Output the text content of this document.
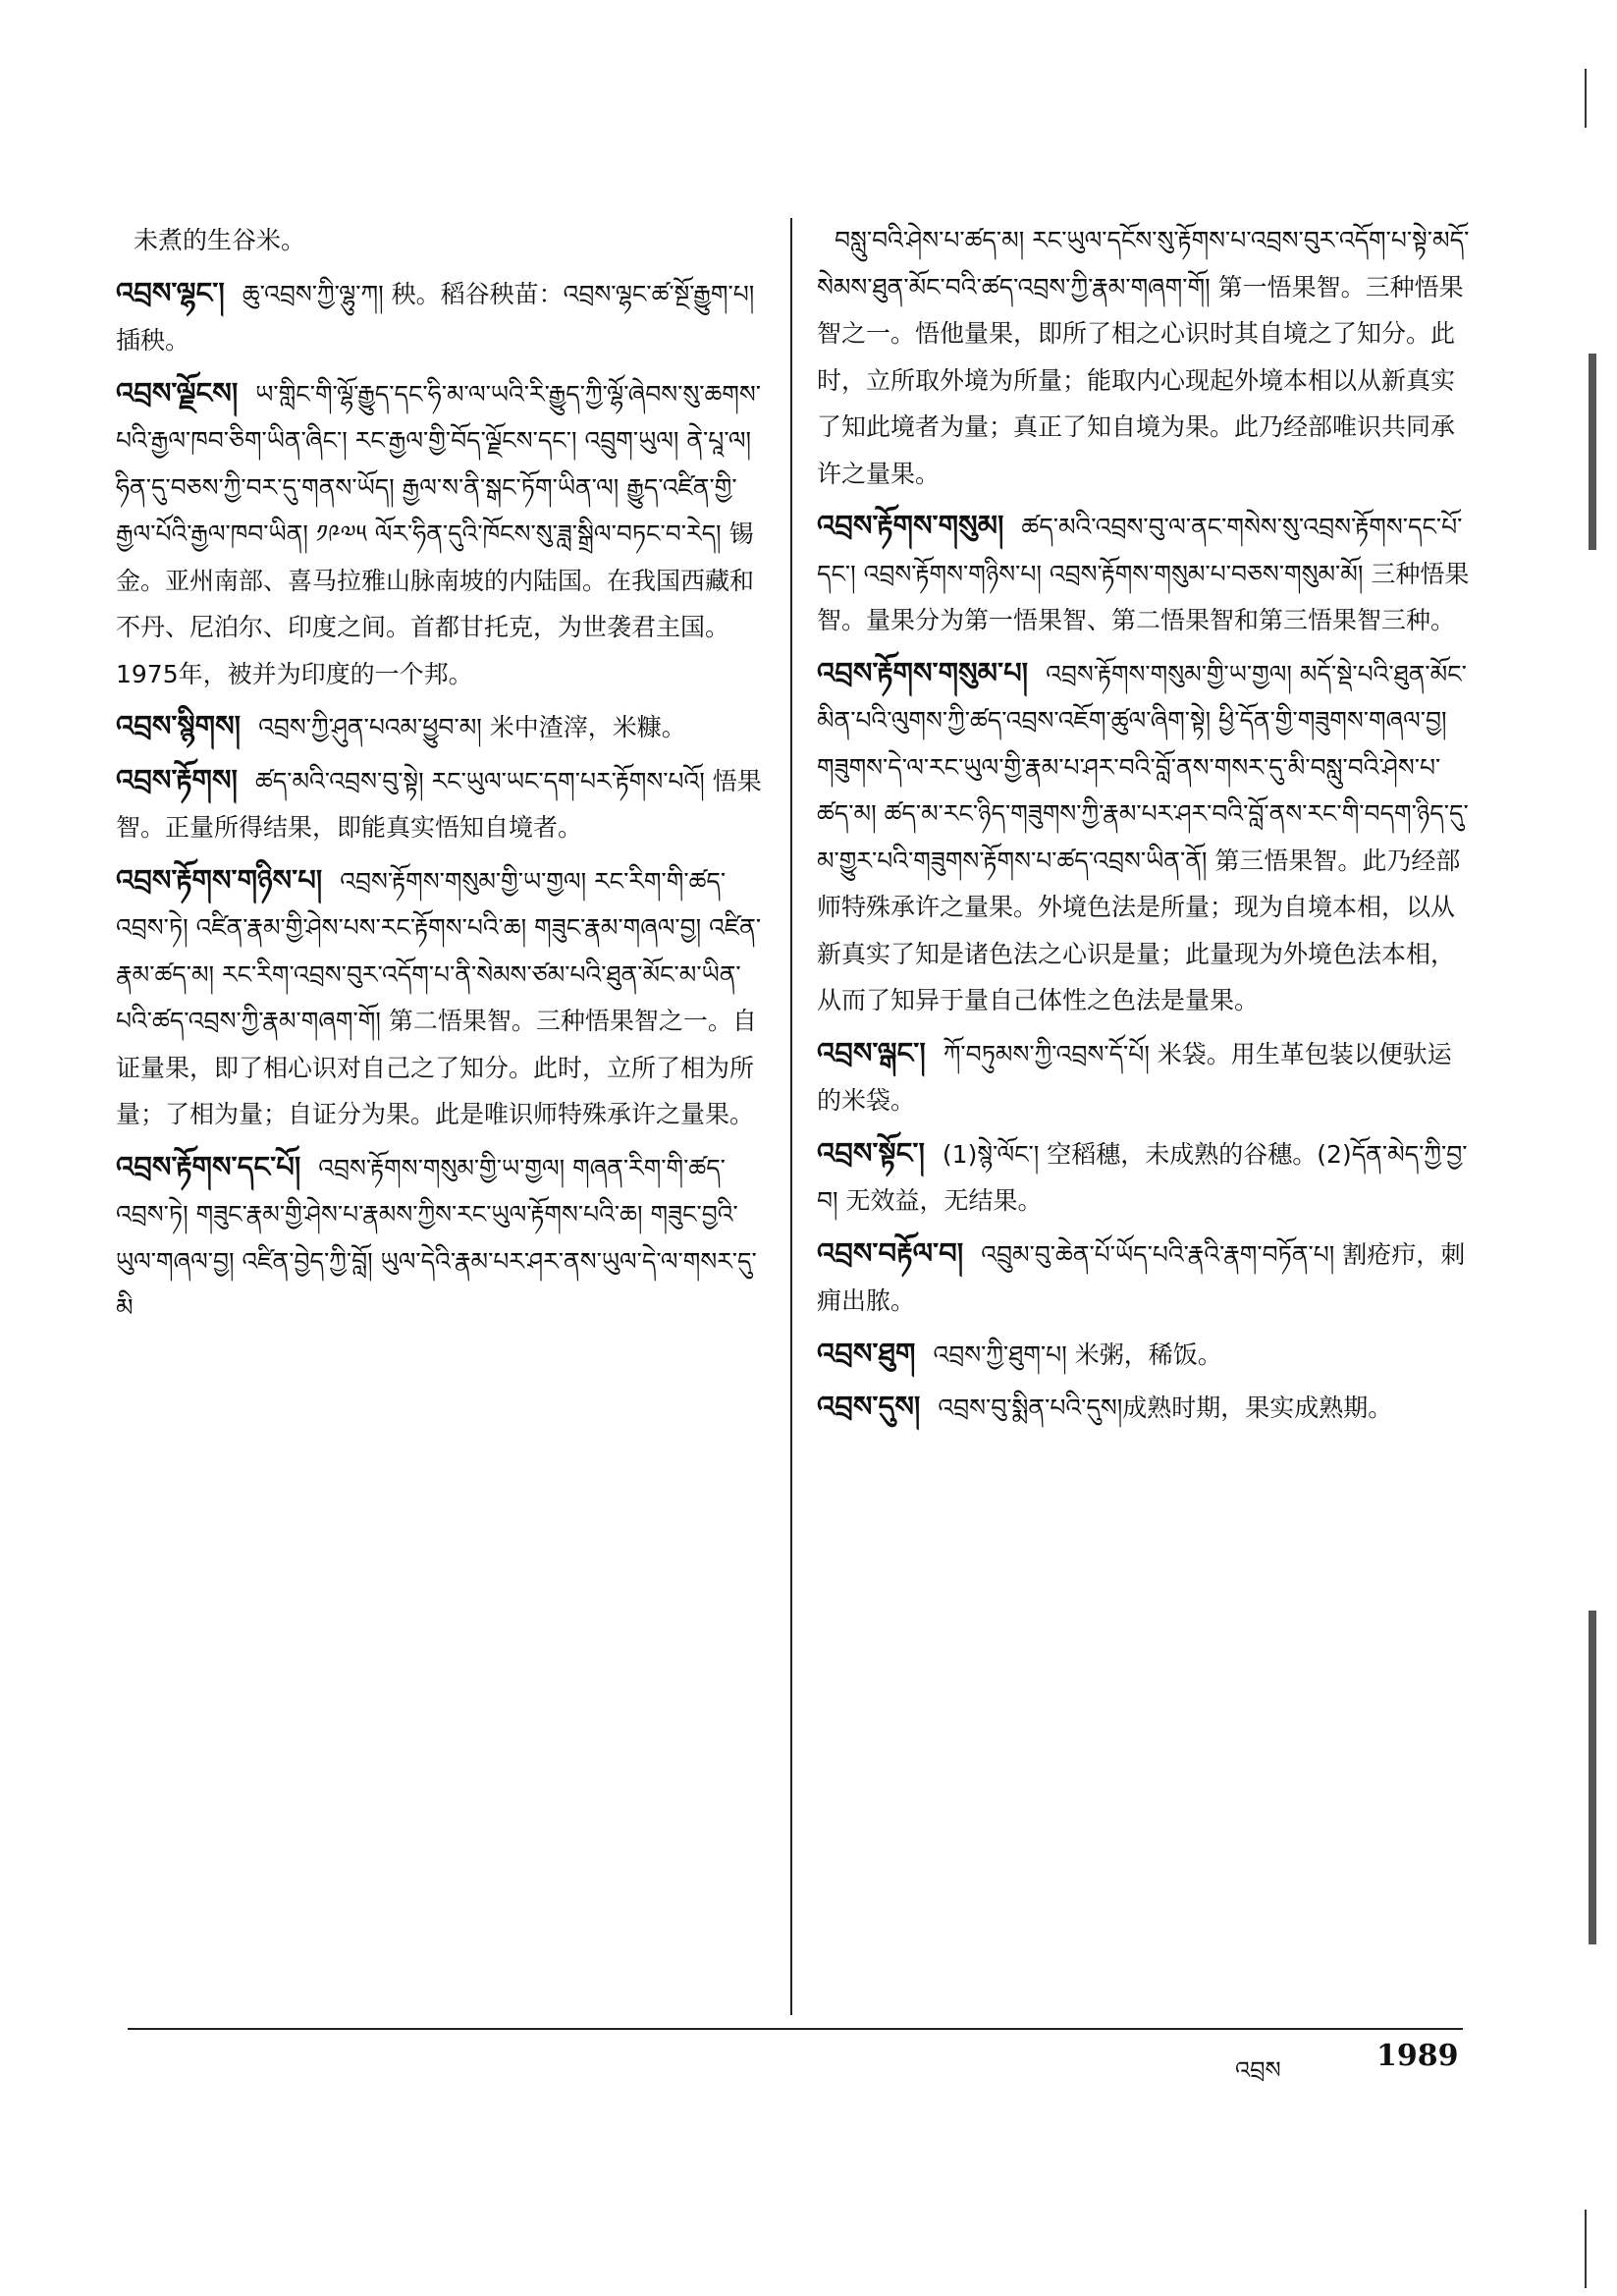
未煮的生谷米。
འབྲས་ལྷང་། ཆུ་འབྲས་ཀྱི་ལྷུ་ཀ། 秧。稻谷秧苗：འབྲས་ལྷང་ཚ་སྔོ་རྒྱུག་པ། 插秧。
འབྲས་ལྗོངས། ཡ་གླིང་གི་ལྷོ་རྒྱུད་དང་ཧི་མ་ལ་ཡའི་རི་རྒྱུད་ཀྱི་ལྷོ་ཞེབས་སུ་ཆགས་པའི་རྒྱལ་ཁབ་ཅིག་ཡིན་ཞིང་། རང་རྒྱལ་གྱི་བོད་ལྗོངས་དང་། འབྲུག་ཡུལ། ནེ་པཱ་ལ། ཧིན་དུ་བཅས་ཀྱི་བར་དུ་གནས་ཡོད། རྒྱལ་ས་ནི་སྒང་ཏོག་ཡིན་ལ། རྒྱུད་འཛིན་གྱི་རྒྱལ་པོའི་རྒྱལ་ཁབ་ཡིན། ༡༩༧༥ ལོར་ཧིན་དུའི་ཁོངས་སུ་ཟླ་སྒྲིལ་བཏང་བ་རེད། 锡金。亚州南部、喜马拉雅山脉南坡的内陆国。在我国西藏和不丹、尼泊尔、印度之间。首都甘托克，为世袭君主国。1975年，被并为印度的一个邦。
འབྲས་སྙིགས། འབྲས་ཀྱི་ཤུན་པའམ་ཕྱུབ་མ། 米中渣滓，米糠。
འབྲས་རྟོགས། ཚད་མའི་འབྲས་བུ་སྟེ། རང་ཡུལ་ཡང་དག་པར་རྟོགས་པའོ། 悟果智。正量所得结果，即能真实悟知自境者。
འབྲས་རྟོགས་གཉིས་པ། འབྲས་རྟོགས་གསུམ་གྱི་ཡ་གྱལ། རང་རིག་གི་ཚད་འབྲས་ཏེ། འཛིན་རྣམ་གྱི་ཤེས་པས་རང་རྟོགས་པའི་ཆ། གཟུང་རྣམ་གཞལ་བྱ། འཛིན་རྣམ་ཚད་མ། རང་རིག་འབྲས་བུར་འདོག་པ་ནི་སེམས་ཙམ་པའི་ཐུན་མོང་མ་ཡིན་པའི་ཚད་འབྲས་ཀྱི་རྣམ་གཞག་གོ། 第二悟果智。三种悟果智之一。自证量果，即了相心识对自己之了知分。此时，立所了相为所量；了相为量；自证分为果。此是唯识师特殊承许之量果。
འབྲས་རྟོགས་དང་པོ། འབྲས་རྟོགས་གསུམ་གྱི་ཡ་གྱལ། གཞན་རིག་གི་ཚད་འབྲས་ཏེ། གཟུང་རྣམ་གྱི་ཤེས་པ་རྣམས་ཀྱིས་རང་ཡུལ་རྟོགས་པའི་ཆ། གཟུང་བྱའི་ཡུལ་གཞལ་བྱ། འཛིན་བྱེད་ཀྱི་བློ། ཡུལ་དེའི་རྣམ་པར་ཤར་ནས་ཡུལ་དེ་ལ་གསར་དུ་མི
བསླུ་བའི་ཤེས་པ་ཚད་མ། རང་ཡུལ་དངོས་སུ་རྟོགས་པ་འབྲས་བུར་འདོག་པ་སྟེ་མདོ་སེམས་ཐུན་མོང་བའི་ཚད་འབྲས་ཀྱི་རྣམ་གཞག་གོ། 第一悟果智。三种悟果智之一。悟他量果，即所了相之心识时其自境之了知分。此时，立所取外境为所量；能取内心现起外境本相以从新真实了知此境者为量；真正了知自境为果。此乃经部唯识共同承许之量果。
འབྲས་རྟོགས་གསུམ། ཚད་མའི་འབྲས་བུ་ལ་ནང་གསེས་སུ་འབྲས་རྟོགས་དང་པོ་དང་། འབྲས་རྟོགས་གཉིས་པ། འབྲས་རྟོགས་གསུམ་པ་བཅས་གསུམ་མོ། 三种悟果智。量果分为第一悟果智、第二悟果智和第三悟果智三种。
འབྲས་རྟོགས་གསུམ་པ། འབྲས་རྟོགས་གསུམ་གྱི་ཡ་གྱལ། མདོ་སྡེ་པའི་ཐུན་མོང་མིན་པའི་ལུགས་ཀྱི་ཚད་འབྲས་འཇོག་ཚུལ་ཞིག་སྟེ། ཕྱི་དོན་གྱི་གཟུགས་གཞལ་བྱ། གཟུགས་དེ་ལ་རང་ཡུལ་གྱི་རྣམ་པ་ཤར་བའི་བློ་ནས་གསར་དུ་མི་བསླུ་བའི་ཤེས་པ་ཚད་མ། ཚད་མ་རང་ཉིད་གཟུགས་ཀྱི་རྣམ་པར་ཤར་བའི་བློ་ནས་རང་གི་བདག་ཉིད་དུ་མ་གྱུར་པའི་གཟུགས་རྟོགས་པ་ཚད་འབྲས་ཡིན་ནོ། 第三悟果智。此乃经部师特殊承许之量果。外境色法是所量；现为自境本相，以从新真实了知是诸色法之心识是量；此量现为外境色法本相，从而了知异于量自己体性之色法是量果。
འབྲས་ལྒང་། ཀོ་བཏུམས་ཀྱི་འབྲས་དོ་པོ། 米袋。用生革包装以便驮运的米袋。
འབྲས་སྟོང་། (1)སྙེ་ལོང་། 空稻穗，未成熟的谷穗。(2)དོན་མེད་ཀྱི་བྱ་བ། 无效益，无结果。
འབྲས་བརྟོལ་བ། འབྲུམ་བུ་ཆེན་པོ་ཡོད་པའི་རྣའི་རྣག་བཏོན་པ། 割疮疖，刺痈出脓。
འབྲས་ཐུག འབྲས་ཀྱི་ཐུག་པ། 米粥，稀饭。
འབྲས་དུས། འབྲས་བུ་སྨིན་པའི་དུས།成熟时期，果实成熟期。
འབྲས	1989
